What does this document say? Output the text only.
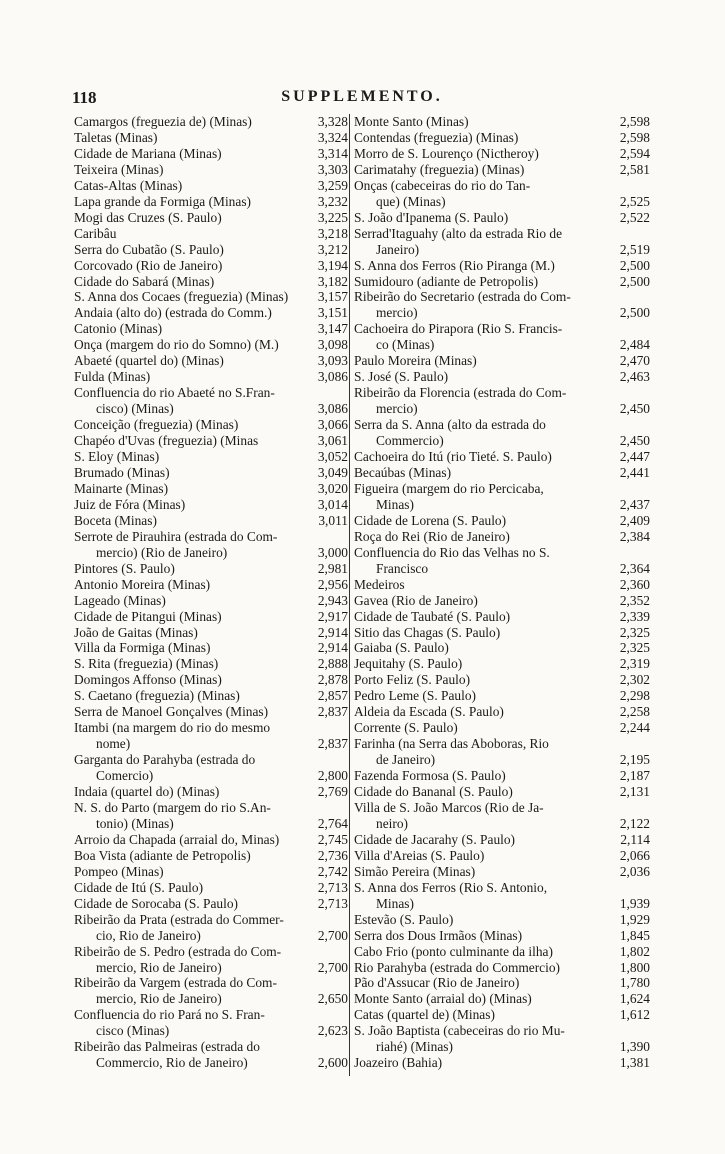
118	SUPPLEMENTO.
Camargos (freguezia de) (Minas)	3,328
Taletas (Minas)	3,324
Cidade de Mariana (Minas)	3,314
Teixeira (Minas)	3,303
Catas-Altas (Minas)	3,259
Lapa grande da Formiga (Minas)	3,232
Mogi das Cruzes (S. Paulo)	3,225
Caribâu	3,218
Serra do Cubatão (S. Paulo)	3,212
Corcovado (Rio de Janeiro)	3,194
Cidade do Sabará (Minas)	3,182
S. Anna dos Cocaes (freguezia) (Minas)	3,157
Andaia (alto do) (estrada do Comm.)	3,151
Catonio (Minas)	3,147
Onça (margem do rio do Somno) (M.)	3,098
Abaeté (quartel do) (Minas)	3,093
Fulda (Minas)	3,086
Confluencia do rio Abaeté no S.Fran-
cisco) (Minas)	3,086
Conceição (freguezia) (Minas)	3,066
Chapéo d'Uvas (freguezia) (Minas	3,061
S. Eloy (Minas)	3,052
Brumado (Minas)	3,049
Mainarte (Minas)	3,020
Juiz de Fóra (Minas)	3,014
Boceta (Minas)	3,011
Serrote de Pirauhira (estrada do Com-
mercio) (Rio de Janeiro)	3,000
Pintores (S. Paulo)	2,981
Antonio Moreira (Minas)	2,956
Lageado (Minas)	2,943
Cidade de Pitangui (Minas)	2,917
João de Gaitas (Minas)	2,914
Villa da Formiga (Minas)	2,914
S. Rita (freguezia) (Minas)	2,888
Domingos Affonso (Minas)	2,878
S. Caetano (freguezia) (Minas)	2,857
Serra de Manoel Gonçalves (Minas)	2,837
Itambi (na margem do rio do mesmo
nome)	2,837
Garganta do Parahyba (estrada do
Comercio)	2,800
Indaia (quartel do) (Minas)	2,769
N. S. do Parto (margem do rio S.An-
tonio) (Minas)	2,764
Arroio da Chapada (arraial do, Minas)	2,745
Boa Vista (adiante de Petropolis)	2,736
Pompeo (Minas)	2,742
Cidade de Itú (S. Paulo)	2,713
Cidade de Sorocaba (S. Paulo)	2,713
Ribeirão da Prata (estrada do Commer-
cio, Rio de Janeiro)	2,700
Ribeirão de S. Pedro (estrada do Com-
mercio, Rio de Janeiro)	2,700
Ribeirão da Vargem (estrada do Com-
mercio, Rio de Janeiro)	2,650
Confluencia do rio Pará no S. Fran-
cisco (Minas)	2,623
Ribeirão das Palmeiras (estrada do
Commercio, Rio de Janeiro)	2,600
Monte Santo (Minas)	2,598
Contendas (freguezia) (Minas)	2,598
Morro de S. Lourenço (Nictheroy)	2,594
Carimatahy (freguezia) (Minas)	2,581
Onças (cabeceiras do rio do Tan-
que) (Minas)	2,525
S. João d'Ipanema (S. Paulo)	2,522
Serrad'Itaguahy (alto da estrada Rio de
Janeiro)	2,519
S. Anna dos Ferros (Rio Piranga (M.)	2,500
Sumidouro (adiante de Petropolis)	2,500
Ribeirão do Secretario (estrada do Com-
mercio)	2,500
Cachoeira do Pirapora (Rio S. Francis-
co (Minas)	2,484
Paulo Moreira (Minas)	2,470
S. José (S. Paulo)	2,463
Ribeirão da Florencia (estrada do Com-
mercio)	2,450
Serra da S. Anna (alto da estrada do
Commercio)	2,450
Cachoeira do Itú (rio Tieté. S. Paulo)	2,447
Becaúbas (Minas)	2,441
Figueira (margem do rio Percicaba,
Minas)	2,437
Cidade de Lorena (S. Paulo)	2,409
Roça do Rei (Rio de Janeiro)	2,384
Confluencia do Rio das Velhas no S.
Francisco	2,364
Medeiros	2,360
Gavea (Rio de Janeiro)	2,352
Cidade de Taubaté (S. Paulo)	2,339
Sitio das Chagas (S. Paulo)	2,325
Gaiaba (S. Paulo)	2,325
Jequitahy (S. Paulo)	2,319
Porto Feliz (S. Paulo)	2,302
Pedro Leme (S. Paulo)	2,298
Aldeia da Escada (S. Paulo)	2,258
Corrente (S. Paulo)	2,244
Farinha (na Serra das Aboboras, Rio
de Janeiro)	2,195
Fazenda Formosa (S. Paulo)	2,187
Cidade do Bananal (S. Paulo)	2,131
Villa de S. João Marcos (Rio de Ja-
neiro)	2,122
Cidade de Jacarahy (S. Paulo)	2,114
Villa d'Areias (S. Paulo)	2,066
Simão Pereira (Minas)	2,036
S. Anna dos Ferros (Rio S. Antonio,
Minas)	1,939
Estevão (S. Paulo)	1,929
Serra dos Dous Irmãos (Minas)	1,845
Cabo Frio (ponto culminante da ilha)	1,802
Rio Parahyba (estrada do Commercio)	1,800
Pão d'Assucar (Rio de Janeiro)	1,780
Monte Santo (arraial do) (Minas)	1,624
Catas (quartel de) (Minas)	1,612
S. João Baptista (cabeceiras do rio Mu-
riahé) (Minas)	1,390
Joazeiro (Bahia)	1,381
